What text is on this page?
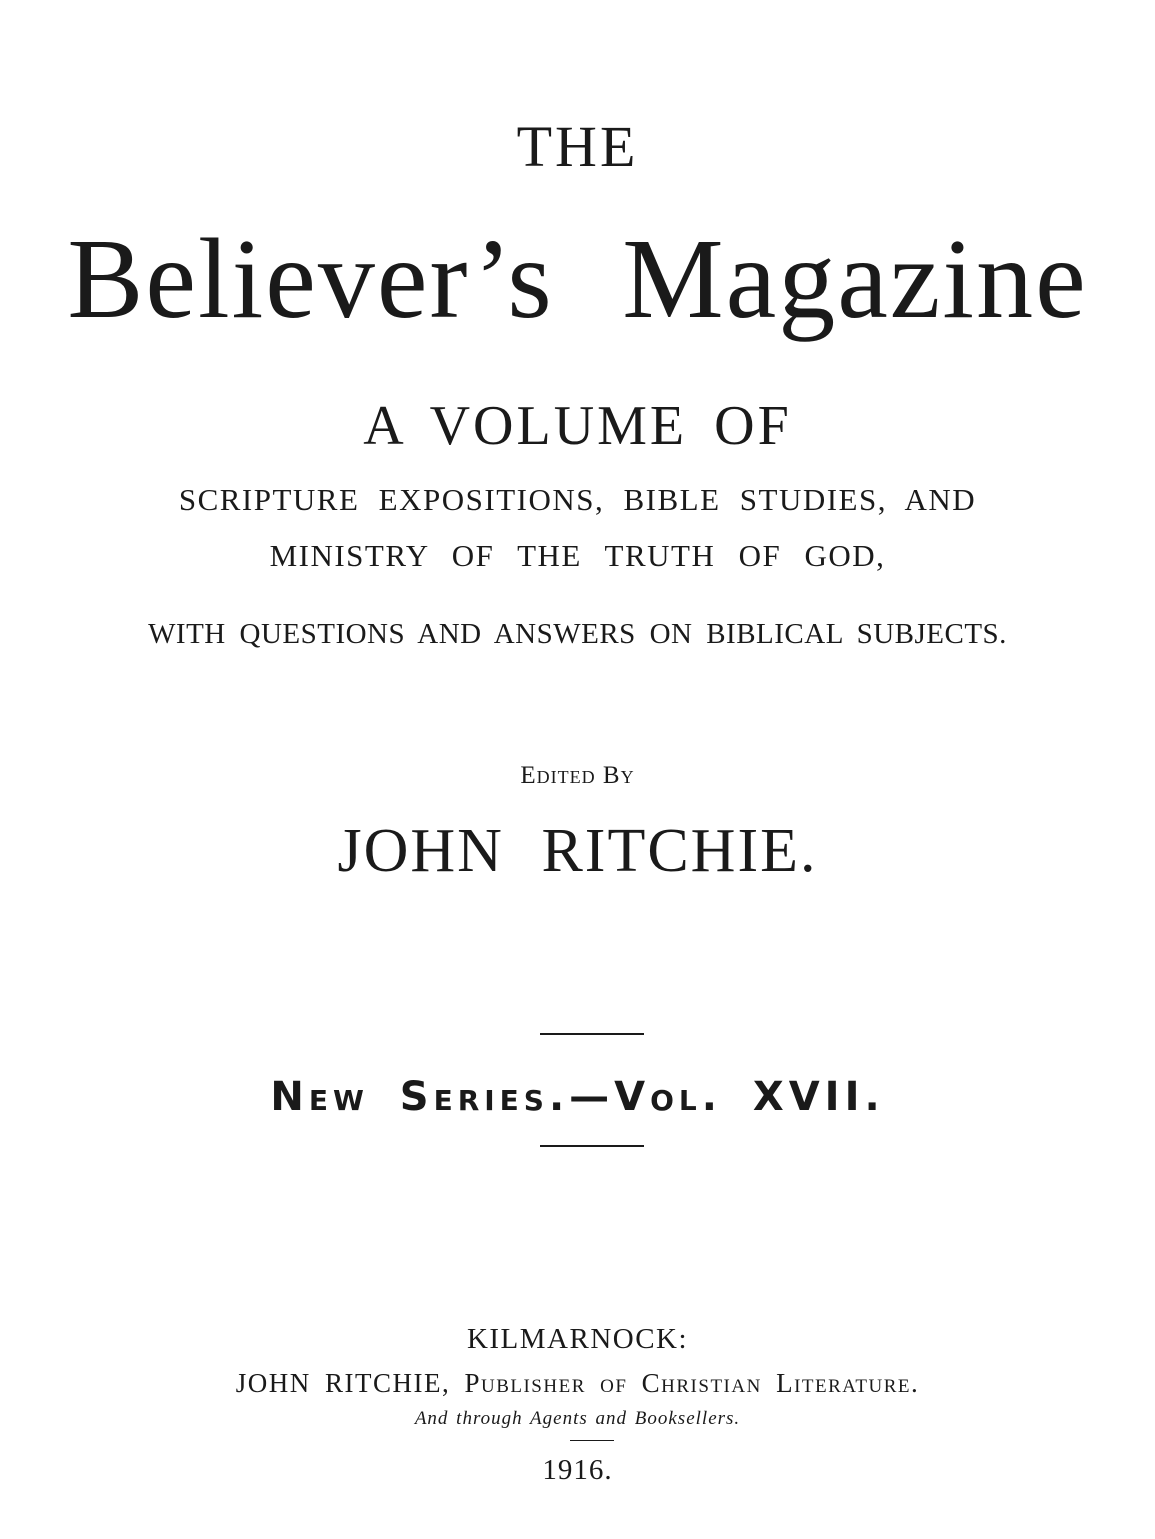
THE

Believer’s Magazine

A VOLUME OF

SCRIPTURE EXPOSITIONS, BIBLE STUDIES, AND

MINISTRY OF THE TRUTH OF GOD,

WITH QUESTIONS AND ANSWERS ON BIBLICAL SUBJECTS.

Edited By

JOHN RITCHIE.

New Series.—Vol. XVII.

KILMARNOCK:

JOHN RITCHIE, Publisher of Christian Literature.

And through Agents and Booksellers.

1916.
